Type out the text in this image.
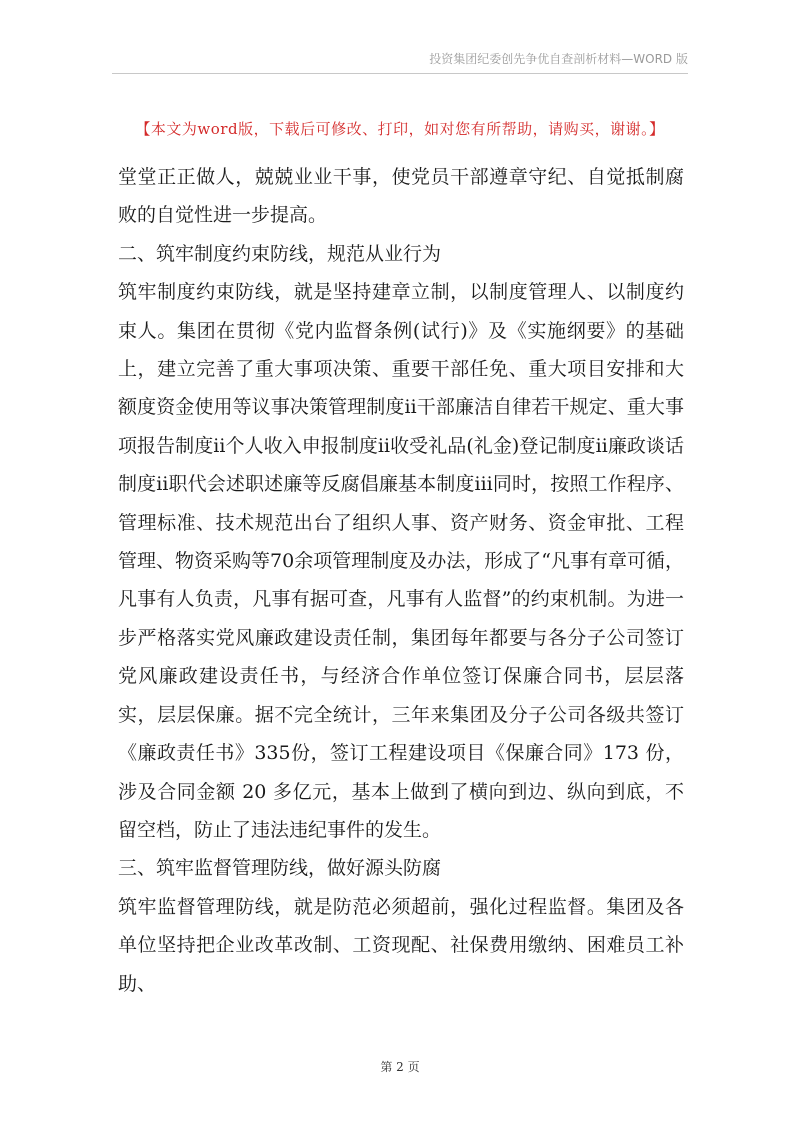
投资集团纪委创先争优自查剖析材料—WORD 版
【本文为word版，下载后可修改、打印，如对您有所帮助，请购买，谢谢。】

堂堂正正做人，兢兢业业干事，使党员干部遵章守纪、自觉抵制腐败的自觉性进一步提高。

二、筑牢制度约束防线，规范从业行为

筑牢制度约束防线，就是坚持建章立制，以制度管理人、以制度约束人。集团在贯彻《党内监督条例(试行)》及《实施纲要》的基础上，建立完善了重大事项决策、重要干部任免、重大项目安排和大额度资金使用等议事决策管理制度ⅱ干部廉洁自律若干规定、重大事项报告制度ⅱ个人收入申报制度ⅱ收受礼品(礼金)登记制度ⅱ廉政谈话制度ⅱ职代会述职述廉等反腐倡廉基本制度ⅲ同时，按照工作程序、管理标准、技术规范出台了组织人事、资产财务、资金审批、工程管理、物资采购等70余项管理制度及办法，形成了“凡事有章可循，凡事有人负责，凡事有据可查，凡事有人监督”的约束机制。为进一步严格落实党风廉政建设责任制，集团每年都要与各分子公司签订党风廉政建设责任书，与经济合作单位签订保廉合同书，层层落实，层层保廉。据不完全统计，三年来集团及分子公司各级共签订《廉政责任书》335份，签订工程建设项目《保廉合同》173 份，涉及合同金额 20 多亿元，基本上做到了横向到边、纵向到底，不留空档，防止了违法违纪事件的发生。

三、筑牢监督管理防线，做好源头防腐

筑牢监督管理防线，就是防范必须超前，强化过程监督。集团及各单位坚持把企业改革改制、工资现配、社保费用缴纳、困难员工补助、

第 2 页
